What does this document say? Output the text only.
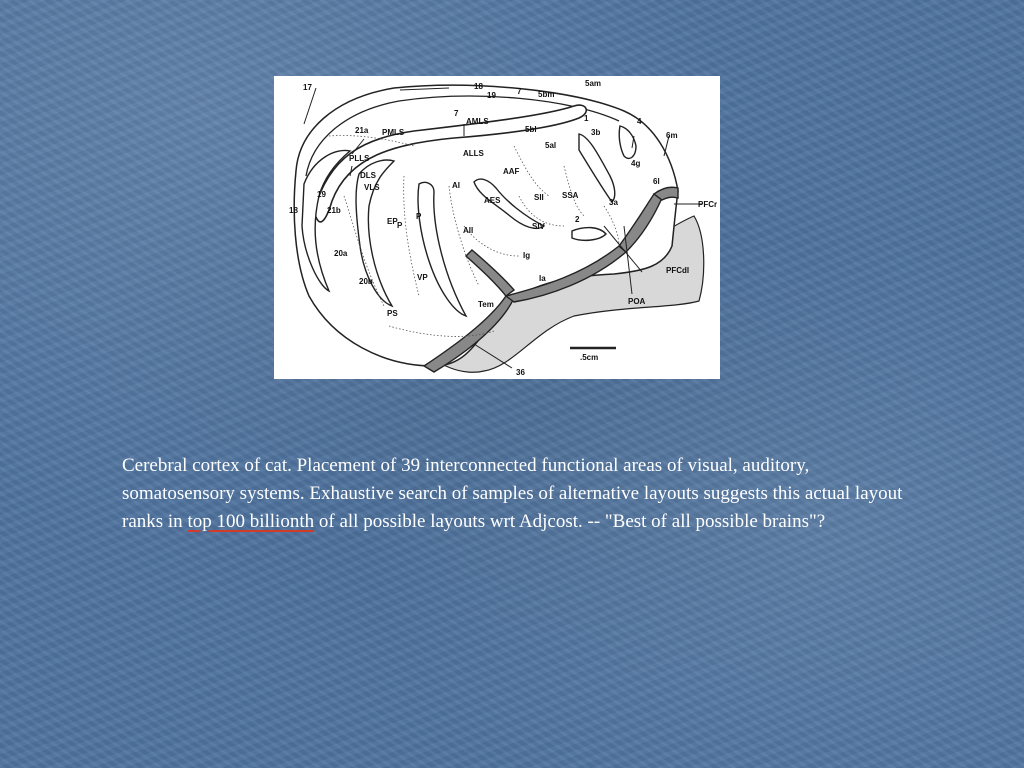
17	18
19	7 5bm
5am
7
AMLS
5bl
1
3b
4
6m
21a PMLS
ALLS
5al
4g
PLLS
AAF
6l
DLS
VLS	AI
AES	SII SSA
3a	PFCr
19
18	21b
EP P
P
AII	SIV
2
Ig
Ia
PFCdl
20a
VP
20b
PS
Tem	POA
36
.5cm
Cerebral cortex of cat. Placement of 39 interconnected functional areas of visual, auditory, somatosensory systems. Exhaustive search of samples of alternative layouts suggests this actual layout ranks in top 100 billionth of all possible layouts wrt Adjcost. -- "Best of all possible brains"?
